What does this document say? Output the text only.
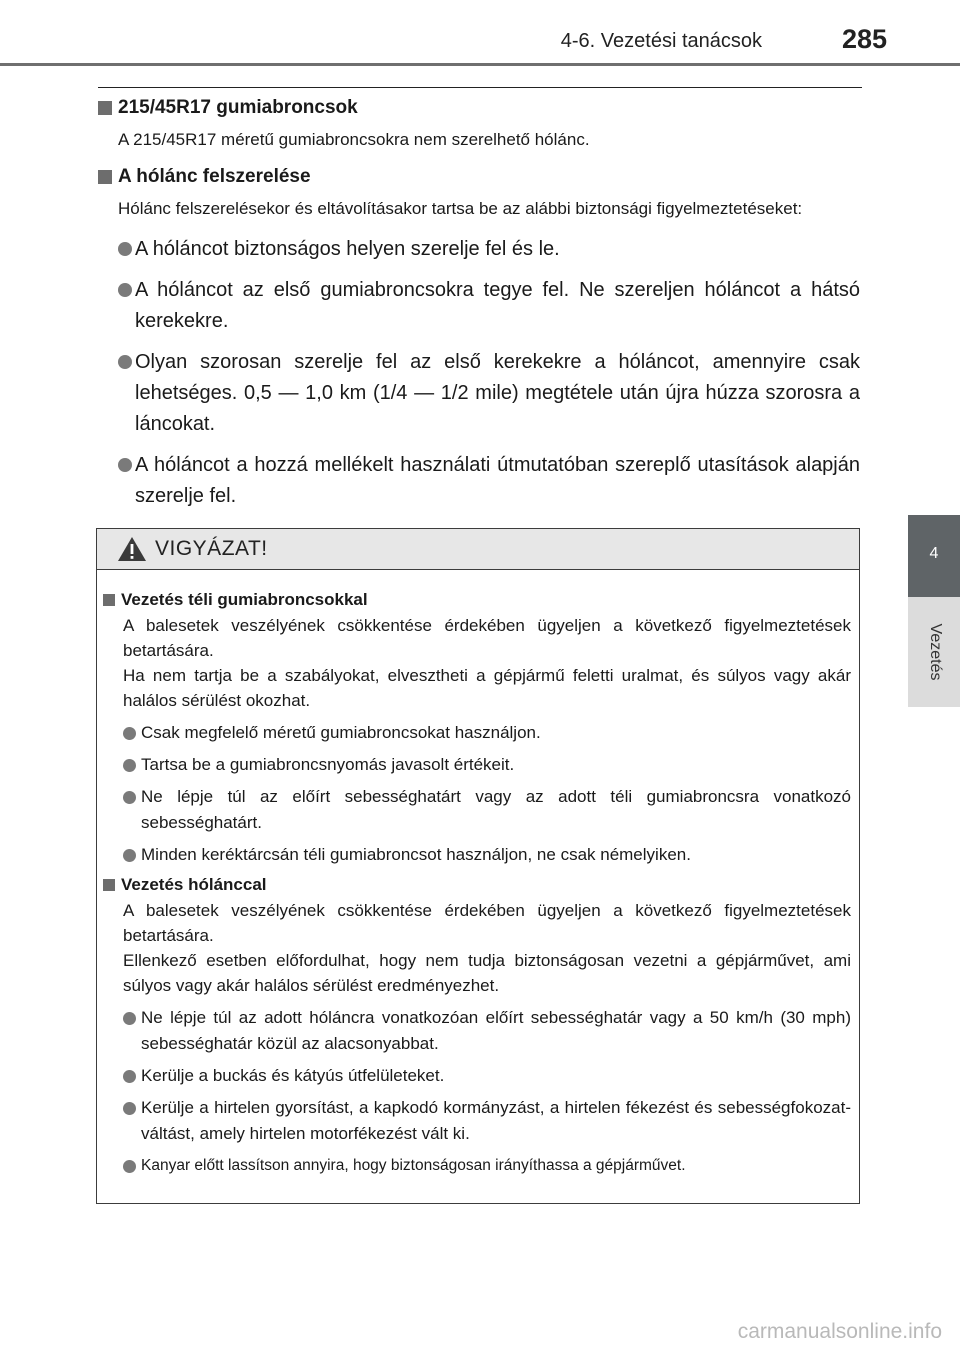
4-6. Vezetési tanácsok	285
4
Vezetés
215/45R17 gumiabroncsok

A 215/45R17 méretű gumiabroncsokra nem szerelhető hólánc.

A hólánc felszerelése

Hólánc felszerelésekor és eltávolításakor tartsa be az alábbi biztonsági figyelmeztetéseket:

A hóláncot biztonságos helyen szerelje fel és le.
A hóláncot az első gumiabroncsokra tegye fel. Ne szereljen hóláncot a hátsó kerekekre.
Olyan szorosan szerelje fel az első kerekekre a hóláncot, amennyire csak lehetséges. 0,5 — 1,0 km (1/4 — 1/2 mile) megtétele után újra húzza szorosra a láncokat.
A hóláncot a hozzá mellékelt használati útmutatóban szereplő utasítások alapján szerelje fel.
VIGYÁZAT!
Vezetés téli gumiabroncsokkal

A balesetek veszélyének csökkentése érdekében ügyeljen a következő figyelmeztetések betartására.
Ha nem tartja be a szabályokat, elvesztheti a gépjármű feletti uralmat, és súlyos vagy akár halálos sérülést okozhat.

Csak megfelelő méretű gumiabroncsokat használjon.
Tartsa be a gumiabroncsnyomás javasolt értékeit.
Ne lépje túl az előírt sebességhatárt vagy az adott téli gumiabroncsra vonatkozó sebességhatárt.
Minden keréktárcsán téli gumiabroncsot használjon, ne csak némelyiken.
Vezetés hólánccal

A balesetek veszélyének csökkentése érdekében ügyeljen a következő figyelmeztetések betartására.
Ellenkező esetben előfordulhat, hogy nem tudja biztonságosan vezetni a gépjárművet, ami súlyos vagy akár halálos sérülést eredményezhet.

Ne lépje túl az adott hóláncra vonatkozóan előírt sebességhatár vagy a 50 km/h (30 mph) sebességhatár közül az alacsonyabbat.
Kerülje a buckás és kátyús útfelületeket.
Kerülje a hirtelen gyorsítást, a kapkodó kormányzást, a hirtelen fékezést és sebességfokozat-váltást, amely hirtelen motorfékezést vált ki.
Kanyar előtt lassítson annyira, hogy biztonságosan irányíthassa a gépjárművet.
carmanualsonline.info
